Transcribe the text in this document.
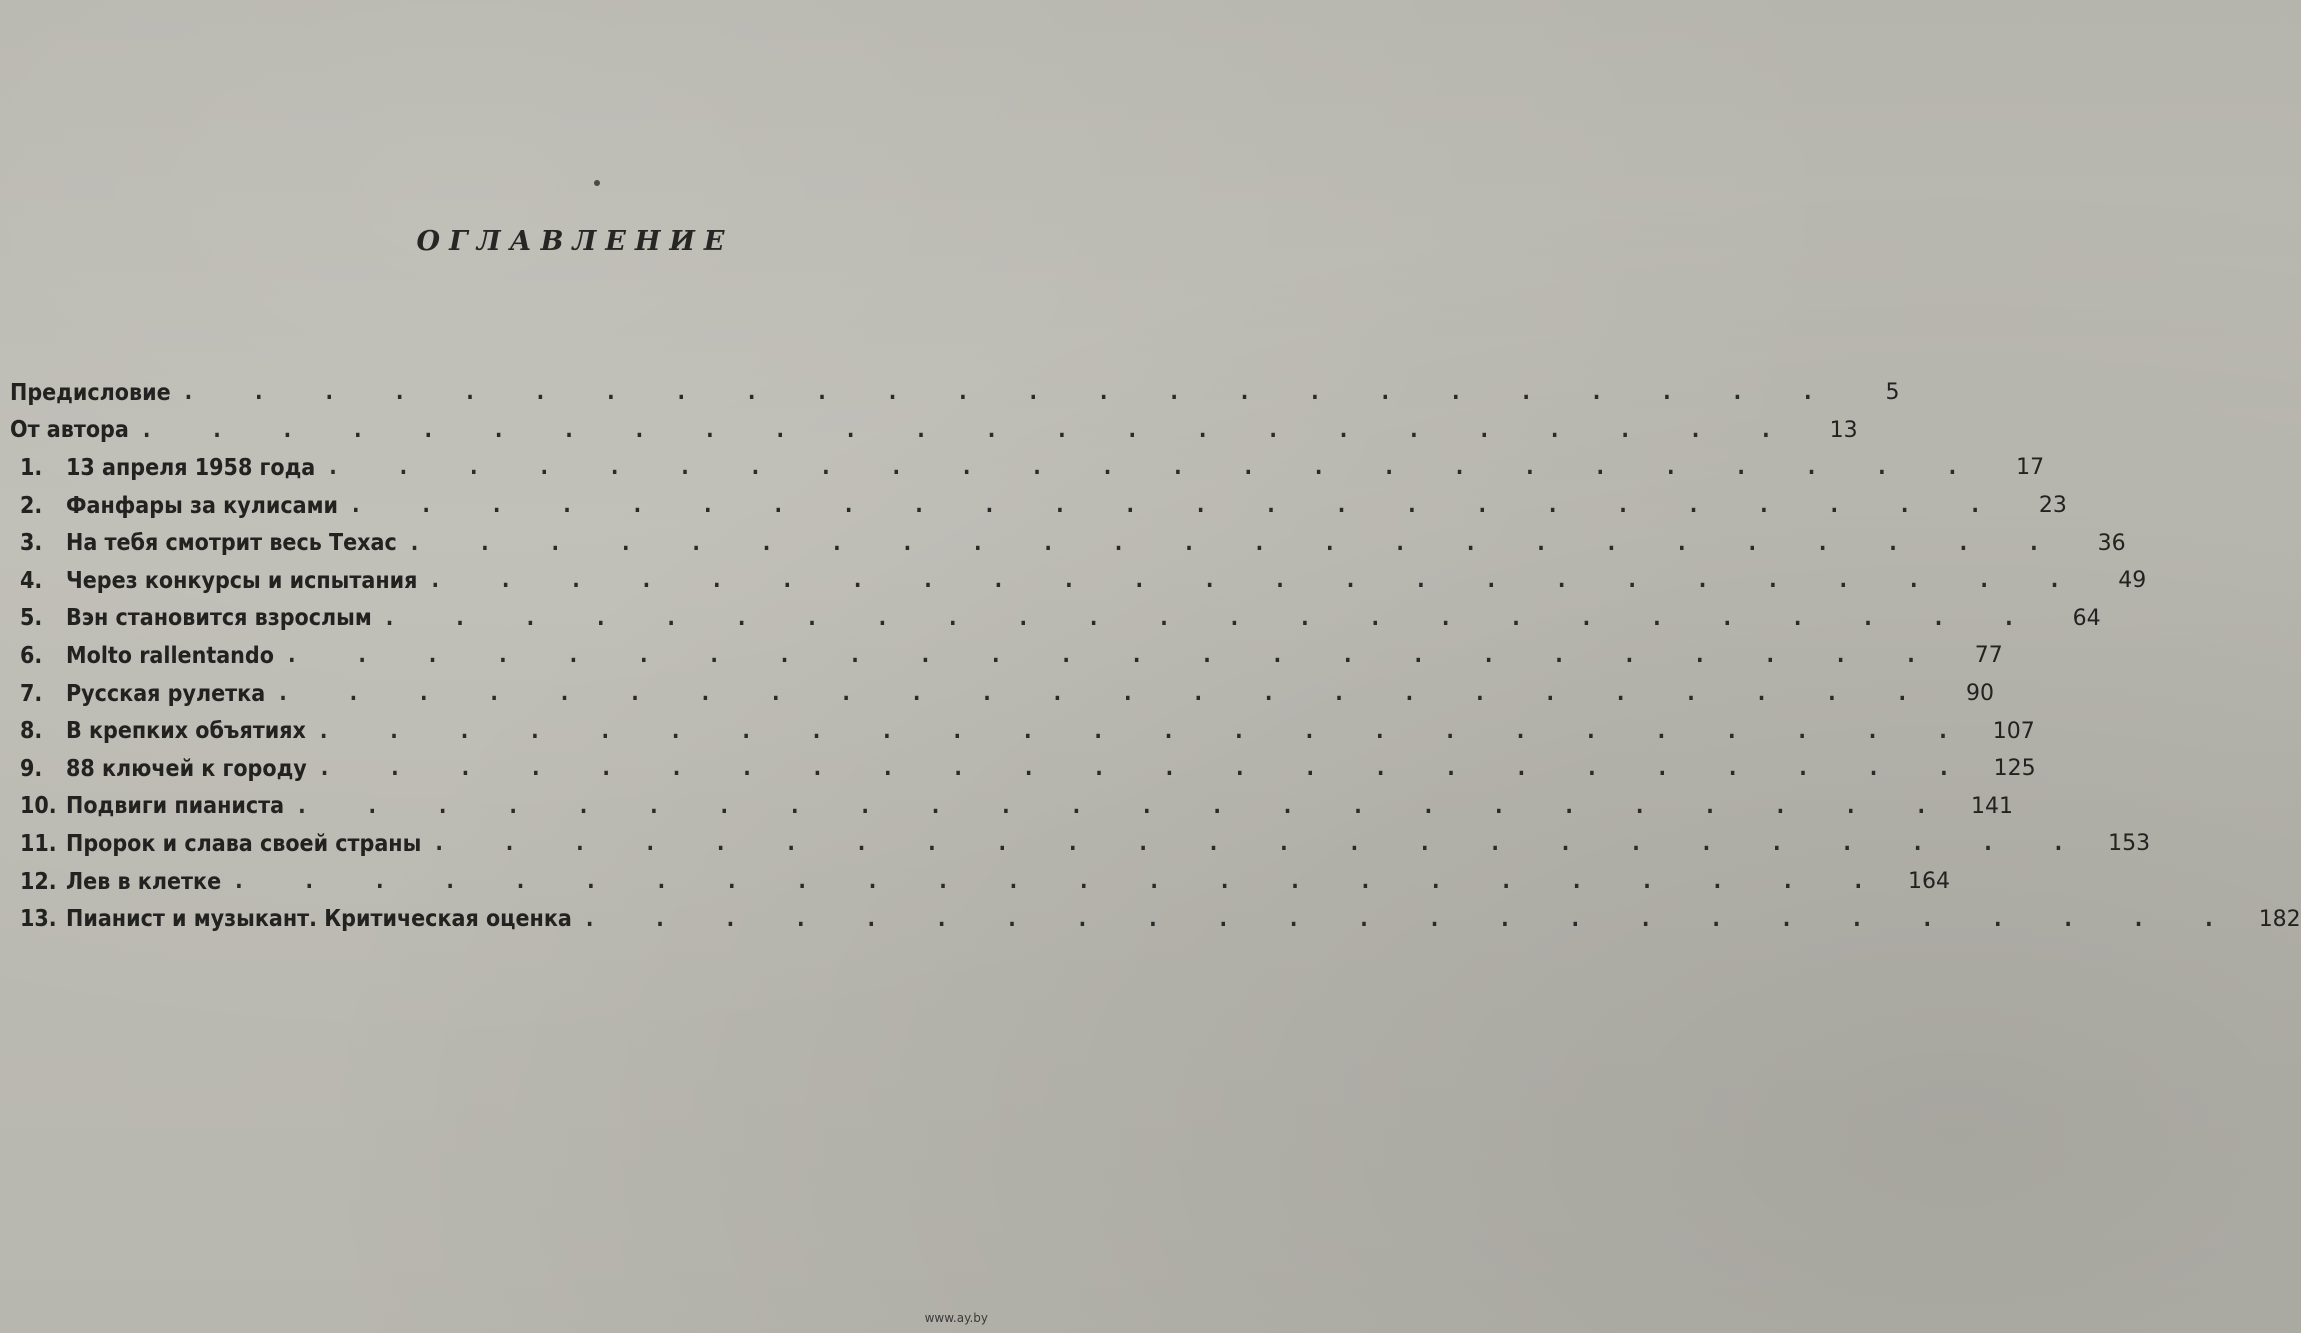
ОГЛАВЛЕНИЕ
Предисловие . . . . . . . . . . . . . . . . . . . . . . . .	5
От автора . . . . . . . . . . . . . . . . . . . . . . . .	13
1. 13 апреля 1958 года . . . . . . . . . . . . . . . . . . . . . . . .	17
2. Фанфары за кулисами . . . . . . . . . . . . . . . . . . . . . . . .	23
3. На тебя смотрит весь Техас . . . . . . . . . . . . . . . . . . . . . . . .	36
4. Через конкурсы и испытания . . . . . . . . . . . . . . . . . . . . . . . .	49
5. Вэн становится взрослым . . . . . . . . . . . . . . . . . . . . . . . .	64
6. Molto rallentando . . . . . . . . . . . . . . . . . . . . . . . .	77
7. Русская рулетка . . . . . . . . . . . . . . . . . . . . . . . .	90
8. В крепких объятиях . . . . . . . . . . . . . . . . . . . . . . . . 107
9. 88 ключей к городу . . . . . . . . . . . . . . . . . . . . . . . . 125
10. Подвиги пианиста . . . . . . . . . . . . . . . . . . . . . . . . 141
11. Пророк и слава своей страны . . . . . . . . . . . . . . . . . . . . . . . . 153
12. Лев в клетке . . . . . . . . . . . . . . . . . . . . . . . . 164
13. Пианист и музыкант. Критическая оценка . . . . . . . . . . . . . . . . . . . . . . . . 182
www.ay.by
